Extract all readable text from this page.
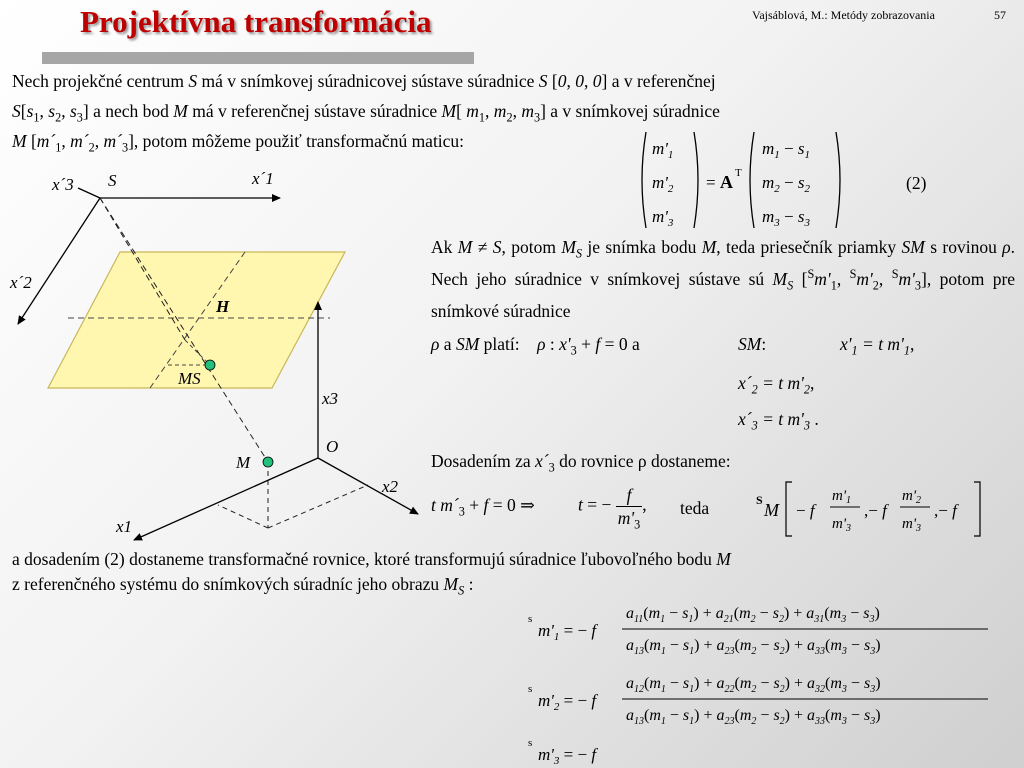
Projektívna transformácia	Vajsáblová, M.: Metódy zobrazovania	57
Nech projekčné centrum S má v snímkovej súradnicovej sústave súradnice S [0, 0, 0] a v referenčnej
$S[s_1$, $s_2$, $s_3$] a nech bod M má v referenčnej sústave súradnice M[ $m_1$, $m_2$, $m_3$] a v snímkovej súradnice
M [$m´_1$, $m´_2$, $m´_3$], potom môžeme použiť transformačnú maticu:	$m'_1$
$m'_2$
$m'_3$
= A T
$m_1 - s_1$
$m_2 - s_2$
$m_3 - s_3$
(2)
Ak M ≠ S, potom $M_S$ je snímka bodu M, teda priesečník priamky SM s rovinou ρ. Nech jeho súradnice v snímkovej sústave sú $M_S$ [$^Sm'_1$, $^Sm'_2$, $^Sm'_3$], potom pre snímkové súradnice
ρ a SM platí: ρ : $x'_3 + f = 0$ a	SM:	$x'_1 = t$ $m'_1$,
$x´_2 = t$ $m'_2$,
$x´_3 = t$ $m'_3$ .
Dosadením za $x´_3$ do rovnice ρ dostaneme:
t $m´_3 + f = 0$ ⇒ t = − $\frac{f}{m'_3}$ , teda	S M − f
$m'_1$
$m'_3$
,− f
$m'_2$
$m'_3$
,− f
a dosadením (2) dostaneme transformačné rovnice, ktoré transformujú súradnice ľubovoľného bodu M
z referenčného systému do snímkových súradníc jeho obrazu $M_S$ :
s
$m'_1$ = − f
$a_{11}(m_1 - s_1) + a_{21}(m_2 - s_2) + a_{31}(m_3 - s_3)$
$a_{13}(m_1 - s_1) + a_{23}(m_2 - s_2) + a_{33}(m_3 - s_3)$
s
$m'_2$ = − f
$a_{12}(m_1 - s_1) + a_{22}(m_2 - s_2) + a_{32}(m_3 - s_3)$
$a_{13}(m_1 - s_1) + a_{23}(m_2 - s_2) + a_{33}(m_3 - s_3)$
s
$m'_3$ = − f
x´3 S	x´1
x´2
H
MS
x3
O
M
x2
x1
